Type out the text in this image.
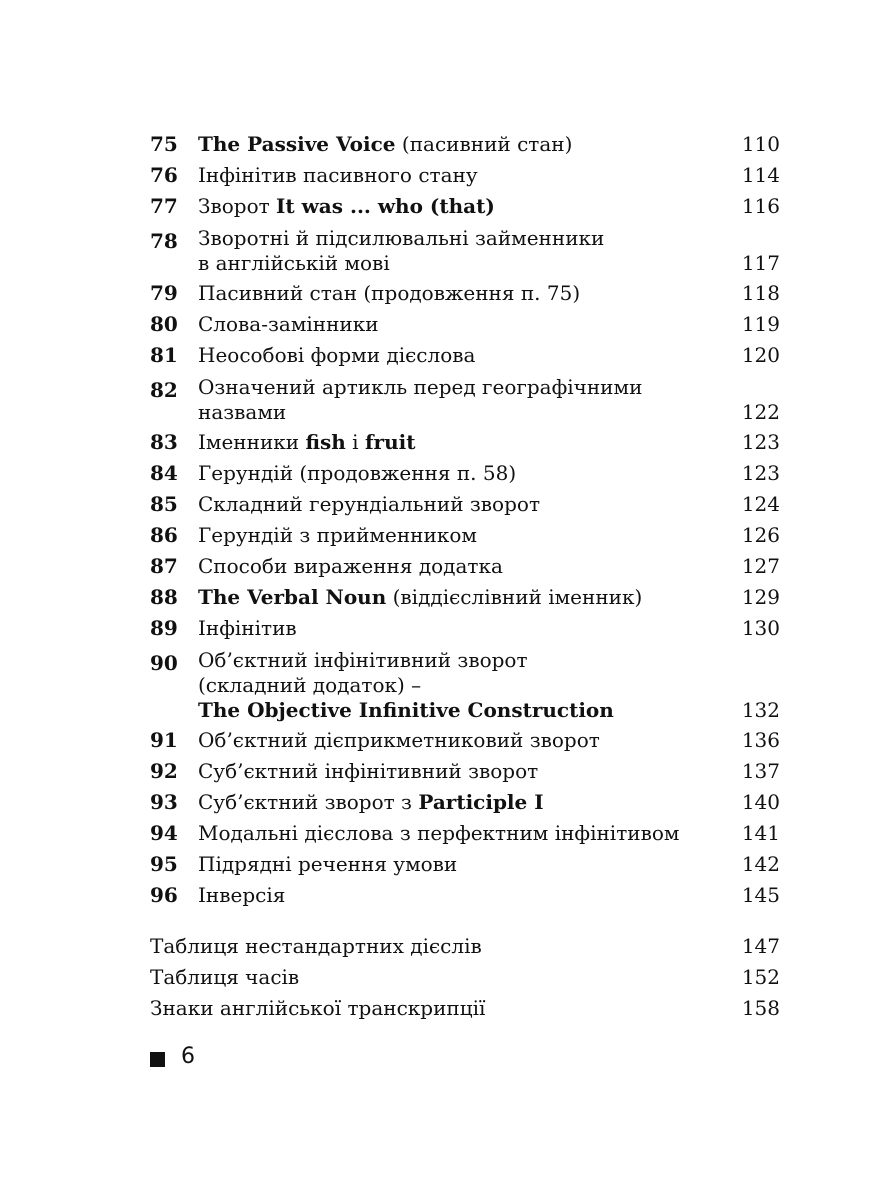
75	The Passive Voice (пасивний стан)	110
76	Інфінітив пасивного стану	114
77	Зворот It was ... who (that)	116
78	Зворотні й підсилювальні займенники
в англійській мові	117
79	Пасивний стан (продовження п. 75)	118
80	Слова-замінники	119
81	Неособові форми дієслова	120
82	Означений артикль перед географічними
назвами	122
83	Іменники fish і fruit	123
84	Герундій (продовження п. 58)	123
85	Складний герундіальний зворот	124
86	Герундій з прийменником	126
87	Способи вираження додатка	127
88	The Verbal Noun (віддієслівний іменник)	129
89	Інфінітив	130
90	Об’єктний інфінітивний зворот
(складний додаток) –
The Objective Infinitive Construction	132
91	Об’єктний дієприкметниковий зворот	136
92	Суб’єктний інфінітивний зворот	137
93	Суб’єктний зворот з Participle I	140
94	Модальні дієслова з перфектним інфінітивом	141
95	Підрядні речення умови	142
96	Інверсія	145
Таблиця нестандартних дієслів	147
Таблиця часів	152
Знаки англійської транскрипції	158
6
